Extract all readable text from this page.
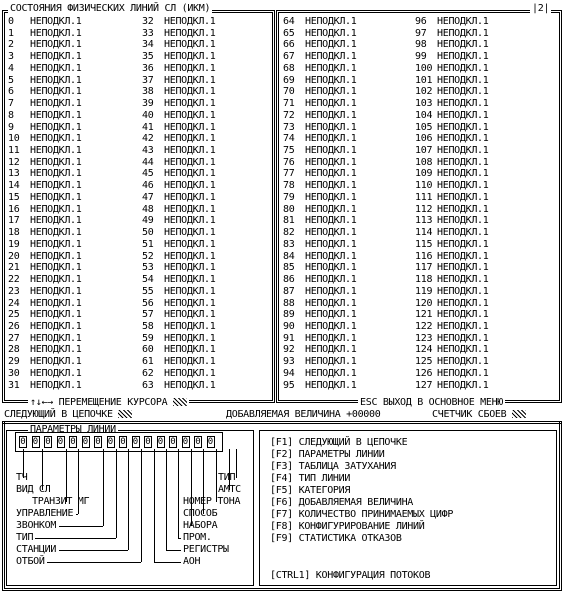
СОСТОЯНИЯ ФИЗИЧЕСКИХ ЛИНИЙ СЛ (ИКМ)	|2|
0 НЕПОДКЛ.1
1 НЕПОДКЛ.1
2 НЕПОДКЛ.1
3 НЕПОДКЛ.1
4 НЕПОДКЛ.1
5 НЕПОДКЛ.1
6 НЕПОДКЛ.1
7 НЕПОДКЛ.1
8 НЕПОДКЛ.1
9 НЕПОДКЛ.1
10 НЕПОДКЛ.1
11 НЕПОДКЛ.1
12 НЕПОДКЛ.1
13 НЕПОДКЛ.1
14 НЕПОДКЛ.1
15 НЕПОДКЛ.1
16 НЕПОДКЛ.1
17 НЕПОДКЛ.1
18 НЕПОДКЛ.1
19 НЕПОДКЛ.1
20 НЕПОДКЛ.1
21 НЕПОДКЛ.1
22 НЕПОДКЛ.1
23 НЕПОДКЛ.1
24 НЕПОДКЛ.1
25 НЕПОДКЛ.1
26 НЕПОДКЛ.1
27 НЕПОДКЛ.1
28 НЕПОДКЛ.1
29 НЕПОДКЛ.1
30 НЕПОДКЛ.1
31 НЕПОДКЛ.1
32 НЕПОДКЛ.1
33 НЕПОДКЛ.1
34 НЕПОДКЛ.1
35 НЕПОДКЛ.1
36 НЕПОДКЛ.1
37 НЕПОДКЛ.1
38 НЕПОДКЛ.1
39 НЕПОДКЛ.1
40 НЕПОДКЛ.1
41 НЕПОДКЛ.1
42 НЕПОДКЛ.1
43 НЕПОДКЛ.1
44 НЕПОДКЛ.1
45 НЕПОДКЛ.1
46 НЕПОДКЛ.1
47 НЕПОДКЛ.1
48 НЕПОДКЛ.1
49 НЕПОДКЛ.1
50 НЕПОДКЛ.1
51 НЕПОДКЛ.1
52 НЕПОДКЛ.1
53 НЕПОДКЛ.1
54 НЕПОДКЛ.1
55 НЕПОДКЛ.1
56 НЕПОДКЛ.1
57 НЕПОДКЛ.1
58 НЕПОДКЛ.1
59 НЕПОДКЛ.1
60 НЕПОДКЛ.1
61 НЕПОДКЛ.1
62 НЕПОДКЛ.1
63 НЕПОДКЛ.1
64 НЕПОДКЛ.1
65 НЕПОДКЛ.1
66 НЕПОДКЛ.1
67 НЕПОДКЛ.1
68 НЕПОДКЛ.1
69 НЕПОДКЛ.1
70 НЕПОДКЛ.1
71 НЕПОДКЛ.1
72 НЕПОДКЛ.1
73 НЕПОДКЛ.1
74 НЕПОДКЛ.1
75 НЕПОДКЛ.1
76 НЕПОДКЛ.1
77 НЕПОДКЛ.1
78 НЕПОДКЛ.1
79 НЕПОДКЛ.1
80 НЕПОДКЛ.1
81 НЕПОДКЛ.1
82 НЕПОДКЛ.1
83 НЕПОДКЛ.1
84 НЕПОДКЛ.1
85 НЕПОДКЛ.1
86 НЕПОДКЛ.1
87 НЕПОДКЛ.1
88 НЕПОДКЛ.1
89 НЕПОДКЛ.1
90 НЕПОДКЛ.1
91 НЕПОДКЛ.1
92 НЕПОДКЛ.1
93 НЕПОДКЛ.1
94 НЕПОДКЛ.1
95 НЕПОДКЛ.1
96 НЕПОДКЛ.1
97 НЕПОДКЛ.1
98 НЕПОДКЛ.1
99 НЕПОДКЛ.1
100 НЕПОДКЛ.1
101 НЕПОДКЛ.1
102 НЕПОДКЛ.1
103 НЕПОДКЛ.1
104 НЕПОДКЛ.1
105 НЕПОДКЛ.1
106 НЕПОДКЛ.1
107 НЕПОДКЛ.1
108 НЕПОДКЛ.1
109 НЕПОДКЛ.1
110 НЕПОДКЛ.1
111 НЕПОДКЛ.1
112 НЕПОДКЛ.1
113 НЕПОДКЛ.1
114 НЕПОДКЛ.1
115 НЕПОДКЛ.1
116 НЕПОДКЛ.1
117 НЕПОДКЛ.1
118 НЕПОДКЛ.1
119 НЕПОДКЛ.1
120 НЕПОДКЛ.1
121 НЕПОДКЛ.1
122 НЕПОДКЛ.1
123 НЕПОДКЛ.1
124 НЕПОДКЛ.1
125 НЕПОДКЛ.1
126 НЕПОДКЛ.1
127 НЕПОДКЛ.1
↑↓←→ ПЕРЕМЕЩЕНИЕ КУРСОРА	ESC ВЫХОД В ОСНОВНОЕ МЕНЮ
СЛЕДУЮЩИЙ В ЦЕПОЧКЕ	ДОБАВЛЯЕМАЯ ВЕЛИЧИНА +00000	СЧЕТЧИК СБОЕВ
ПАРАМЕТРЫ ЛИНИИ
0 0 0 0 0 0 0 0 0 0 0 0 0 0 0 0
ТЧ
ВИД СЛ
ТРАНЗИТ МГ
УПРАВЛЕНИЕ
ЗВОНКОМ
ТИП
СТАНЦИИ
ОТБОЙ
ТИП
АМТС
НОМЕР ТОНА
СПОСОБ
НАБОРА
ПРОМ.
РЕГИСТРЫ
АОН
[F1] СЛЕДУЮЩИЙ В ЦЕПОЧКЕ
[F2] ПАРАМЕТРЫ ЛИНИИ
[F3] ТАБЛИЦА ЗАТУХАНИЯ
[F4] ТИП ЛИНИИ
[F5] КАТЕГОРИЯ
[F6] ДОБАВЛЯЕМАЯ ВЕЛИЧИНА
[F7] КОЛИЧЕСТВО ПРИНИМАЕМЫХ ЦИФР
[F8] КОНФИГУРИРОВАНИЕ ЛИНИЙ
[F9] СТАТИСТИКА ОТКАЗОВ
[CTRL1] КОНФИГУРАЦИЯ ПОТОКОВ
